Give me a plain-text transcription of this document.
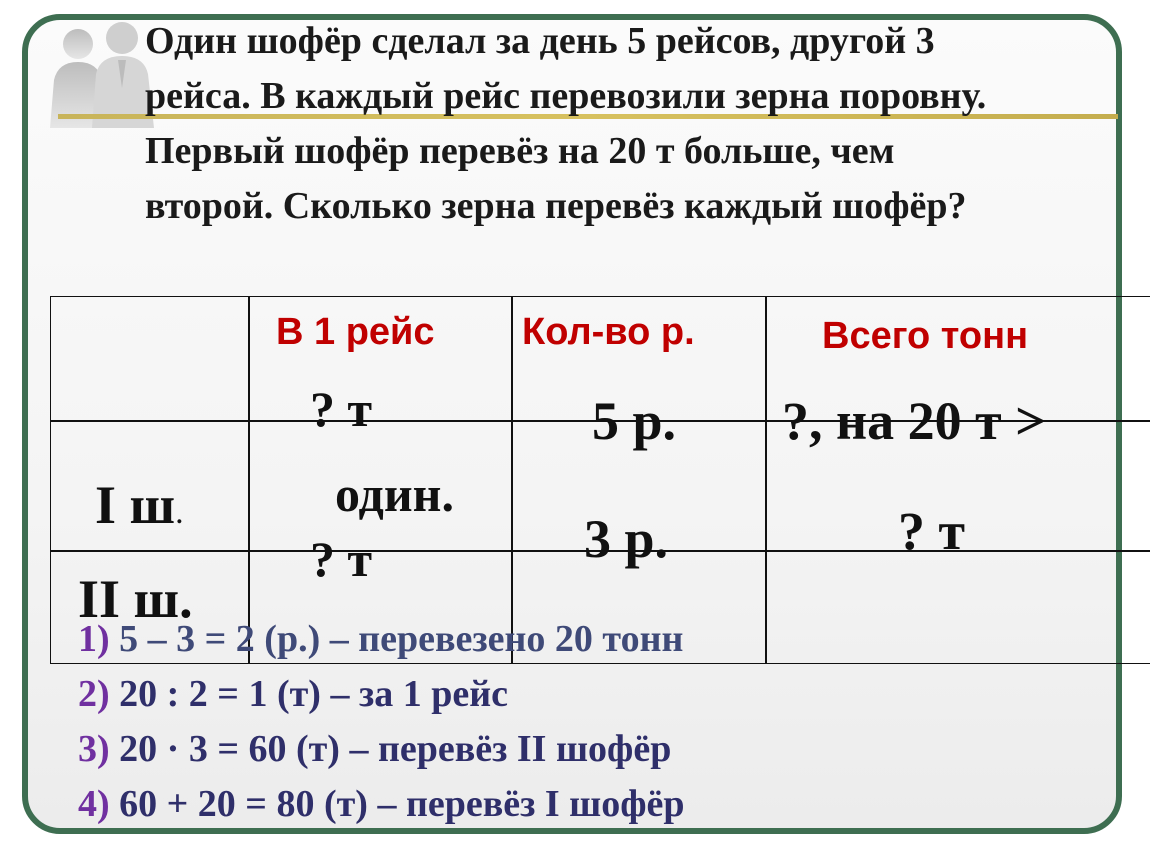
Один шофёр сделал за день 5 рейсов, другой 3
рейса. В каждый рейс перевозили зерна поровну.
Первый шофёр перевёз на 20 т больше, чем
второй. Сколько зерна перевёз каждый шофёр?
В 1 рейс Кол-во р.	Всего тонн
? т
один.
? т
I ш.
II ш.
5 р.
3 р.
?, на 20 т >
? т
1) 5 – 3 = 2 (р.) – перевезено 20 тонн
2) 20 : 2 = 1 (т) – за 1 рейс
3) 20 · 3 = 60 (т) – перевёз II шофёр
4) 60 + 20 = 80 (т) – перевёз I шофёр
